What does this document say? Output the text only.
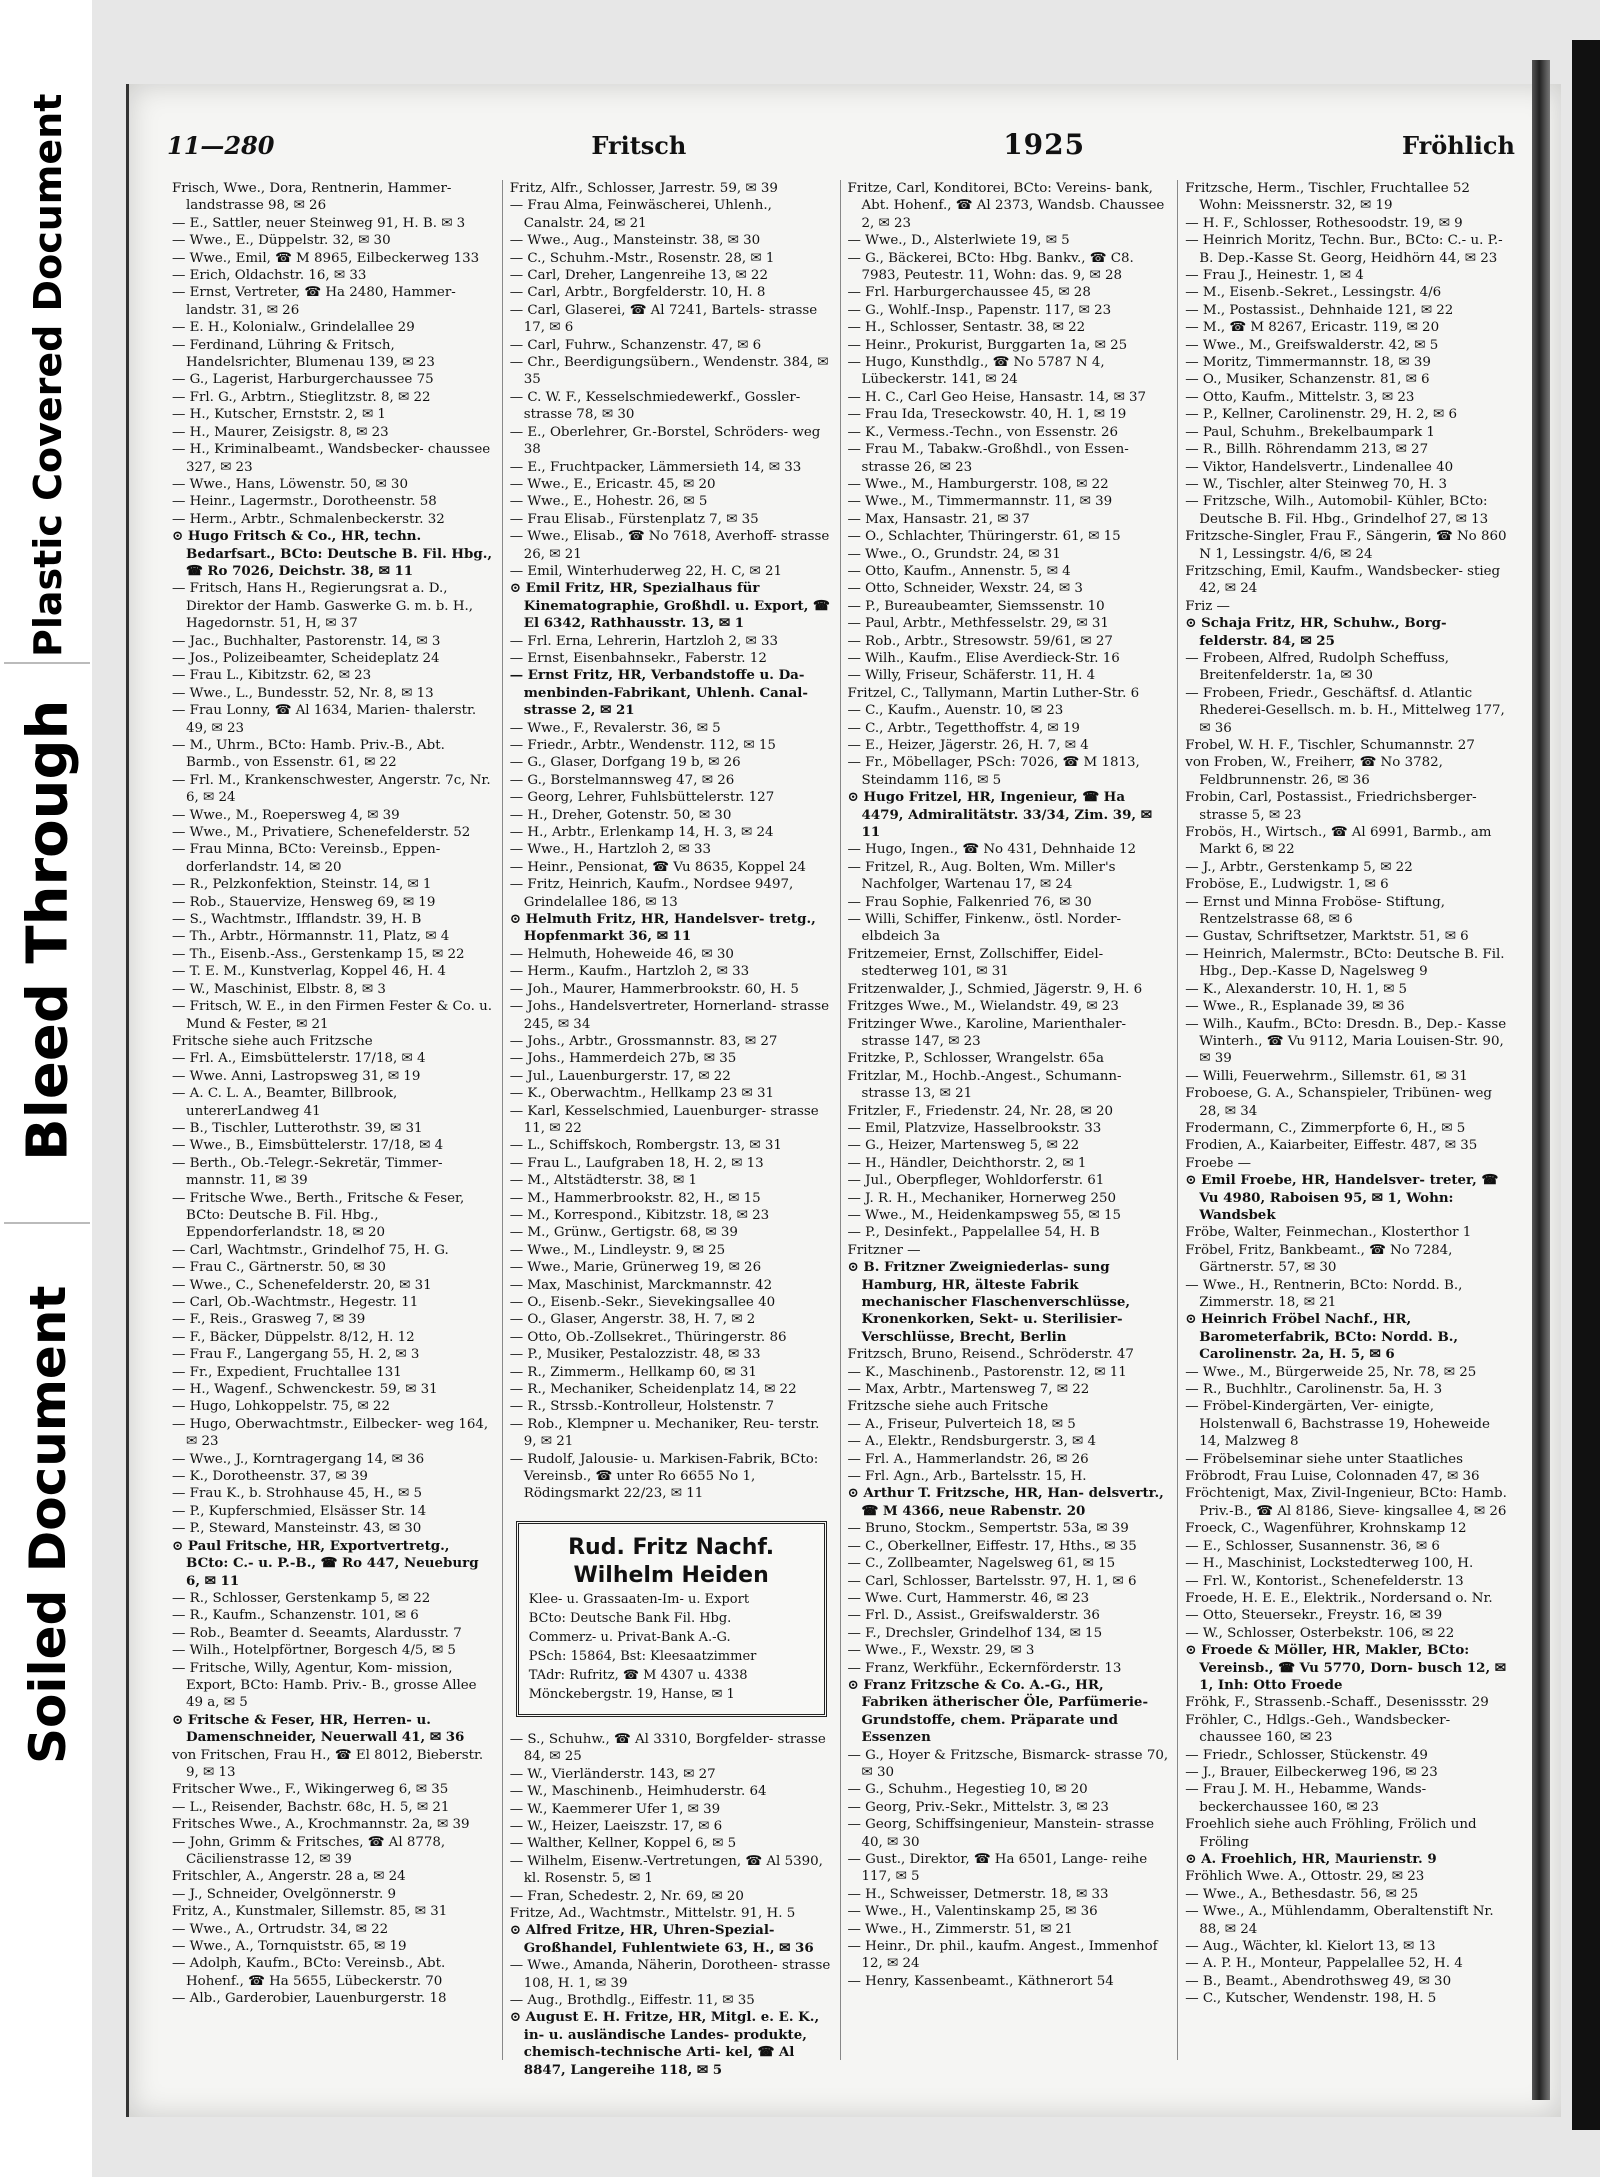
Plastic Covered Document
Bleed Through
Soiled Document
11—280	Fritsch	1925	Fröhlich

Frisch, Wwe., Dora, Rentnerin, Hammer- landstrasse 98, ✉ 26

— E., Sattler, neuer Steinweg 91, H. B. ✉ 3

— Wwe., E., Düppelstr. 32, ✉ 30

— Wwe., Emil, ☎ M 8965, Eilbeckerweg 133

— Erich, Oldachstr. 16, ✉ 33

— Ernst, Vertreter, ☎ Ha 2480, Hammer- landstr. 31, ✉ 26

— E. H., Kolonialw., Grindelallee 29

— Ferdinand, Lühring & Fritsch, Handelsrichter, Blumenau 139, ✉ 23

— G., Lagerist, Harburgerchaussee 75

— Frl. G., Arbtrn., Stieglitzstr. 8, ✉ 22

— H., Kutscher, Ernststr. 2, ✉ 1

— H., Maurer, Zeisigstr. 8, ✉ 23

— H., Kriminalbeamt., Wandsbecker- chaussee 327, ✉ 23

— Wwe., Hans, Löwenstr. 50, ✉ 30

— Heinr., Lagermstr., Dorotheenstr. 58

— Herm., Arbtr., Schmalenbeckerstr. 32

⊙ Hugo Fritsch & Co., HR, techn. Bedarfsart., BCto: Deutsche B. Fil. Hbg., ☎ Ro 7026, Deichstr. 38, ✉ 11

— Fritsch, Hans H., Regierungsrat a. D., Direktor der Hamb. Gaswerke G. m. b. H., Hagedornstr. 51, H, ✉ 37

— Jac., Buchhalter, Pastorenstr. 14, ✉ 3

— Jos., Polizeibeamter, Scheideplatz 24

— Frau L., Kibitzstr. 62, ✉ 23

— Wwe., L., Bundesstr. 52, Nr. 8, ✉ 13

— Frau Lonny, ☎ Al 1634, Marien- thalerstr. 49, ✉ 23

— M., Uhrm., BCto: Hamb. Priv.-B., Abt. Barmb., von Essenstr. 61, ✉ 22

— Frl. M., Krankenschwester, Angerstr. 7c, Nr. 6, ✉ 24

— Wwe., M., Roepersweg 4, ✉ 39

— Wwe., M., Privatiere, Schenefelderstr. 52

— Frau Minna, BCto: Vereinsb., Eppen- dorferlandstr. 14, ✉ 20

— R., Pelzkonfektion, Steinstr. 14, ✉ 1

— Rob., Stauervize, Hensweg 69, ✉ 19

— S., Wachtmstr., Ifflandstr. 39, H. B

— Th., Arbtr., Hörmannstr. 11, Platz, ✉ 4

— Th., Eisenb.-Ass., Gerstenkamp 15, ✉ 22

— T. E. M., Kunstverlag, Koppel 46, H. 4

— W., Maschinist, Elbstr. 8, ✉ 3

— Fritsch, W. E., in den Firmen Fester & Co. u. Mund & Fester, ✉ 21

Fritsche siehe auch Fritzsche

— Frl. A., Eimsbüttelerstr. 17/18, ✉ 4

— Wwe. Anni, Lastropsweg 31, ✉ 19

— A. C. L. A., Beamter, Billbrook, untererLandweg 41

— B., Tischler, Lutterothstr. 39, ✉ 31

— Wwe., B., Eimsbüttelerstr. 17/18, ✉ 4

— Berth., Ob.-Telegr.-Sekretär, Timmer- mannstr. 11, ✉ 39

— Fritsche Wwe., Berth., Fritsche & Feser, BCto: Deutsche B. Fil. Hbg., Eppendorferlandstr. 18, ✉ 20

— Carl, Wachtmstr., Grindelhof 75, H. G.

— Frau C., Gärtnerstr. 50, ✉ 30

— Wwe., C., Schenefelderstr. 20, ✉ 31

— Carl, Ob.-Wachtmstr., Hegestr. 11

— F., Reis., Grasweg 7, ✉ 39

— F., Bäcker, Düppelstr. 8/12, H. 12

— Frau F., Langergang 55, H. 2, ✉ 3

— Fr., Expedient, Fruchtallee 131

— H., Wagenf., Schwenckestr. 59, ✉ 31

— Hugo, Lohkoppelstr. 75, ✉ 22

— Hugo, Oberwachtmstr., Eilbecker- weg 164, ✉ 23

— Wwe., J., Korntragergang 14, ✉ 36

— K., Dorotheenstr. 37, ✉ 39

— Frau K., b. Strohhause 45, H., ✉ 5

— P., Kupferschmied, Elsässer Str. 14

— P., Steward, Mansteinstr. 43, ✉ 30

⊙ Paul Fritsche, HR, Exportvertretg., BCto: C.- u. P.-B., ☎ Ro 447, Neueburg 6, ✉ 11

— R., Schlosser, Gerstenkamp 5, ✉ 22

— R., Kaufm., Schanzenstr. 101, ✉ 6

— Rob., Beamter d. Seeamts, Alardusstr. 7

— Wilh., Hotelpförtner, Borgesch 4/5, ✉ 5

— Fritsche, Willy, Agentur, Kom- mission, Export, BCto: Hamb. Priv.- B., grosse Allee 49 a, ✉ 5

⊙ Fritsche & Feser, HR, Herren- u. Damenschneider, Neuerwall 41, ✉ 36

von Fritschen, Frau H., ☎ El 8012, Bieberstr. 9, ✉ 13

Fritscher Wwe., F., Wikingerweg 6, ✉ 35

— L., Reisender, Bachstr. 68c, H. 5, ✉ 21

Fritsches Wwe., A., Krochmannstr. 2a, ✉ 39

— John, Grimm & Fritsches, ☎ Al 8778, Cäcilienstrasse 12, ✉ 39

Fritschler, A., Angerstr. 28 a, ✉ 24

— J., Schneider, Ovelgönnerstr. 9

Fritz, A., Kunstmaler, Sillemstr. 85, ✉ 31

— Wwe., A., Ortrudstr. 34, ✉ 22

— Wwe., A., Tornquiststr. 65, ✉ 19

— Adolph, Kaufm., BCto: Vereinsb., Abt. Hohenf., ☎ Ha 5655, Lübeckerstr. 70

— Alb., Garderobier, Lauenburgerstr. 18

Fritz, Alfr., Schlosser, Jarrestr. 59, ✉ 39

— Frau Alma, Feinwäscherei, Uhlenh., Canalstr. 24, ✉ 21

— Wwe., Aug., Mansteinstr. 38, ✉ 30

— C., Schuhm.-Mstr., Rosenstr. 28, ✉ 1

— Carl, Dreher, Langenreihe 13, ✉ 22

— Carl, Arbtr., Borgfelderstr. 10, H. 8

— Carl, Glaserei, ☎ Al 7241, Bartels- strasse 17, ✉ 6

— Carl, Fuhrw., Schanzenstr. 47, ✉ 6

— Chr., Beerdigungsübern., Wendenstr. 384, ✉ 35

— C. W. F., Kesselschmiedewerkf., Gossler- strasse 78, ✉ 30

— E., Oberlehrer, Gr.-Borstel, Schröders- weg 38

— E., Fruchtpacker, Lämmersieth 14, ✉ 33

— Wwe., E., Ericastr. 45, ✉ 20

— Wwe., E., Hohestr. 26, ✉ 5

— Frau Elisab., Fürstenplatz 7, ✉ 35

— Wwe., Elisab., ☎ No 7618, Averhoff- strasse 26, ✉ 21

— Emil, Winterhuderweg 22, H. C, ✉ 21

⊙ Emil Fritz, HR, Spezialhaus für Kinematographie, Großhdl. u. Export, ☎ El 6342, Rathhausstr. 13, ✉ 1

— Frl. Erna, Lehrerin, Hartzloh 2, ✉ 33

— Ernst, Eisenbahnsekr., Faberstr. 12

— Ernst Fritz, HR, Verbandstoffe u. Da- menbinden-Fabrikant, Uhlenh. Canal- strasse 2, ✉ 21

— Wwe., F., Revalerstr. 36, ✉ 5

— Friedr., Arbtr., Wendenstr. 112, ✉ 15

— G., Glaser, Dorfgang 19 b, ✉ 26

— G., Borstelmannsweg 47, ✉ 26

— Georg, Lehrer, Fuhlsbüttelerstr. 127

— H., Dreher, Gotenstr. 50, ✉ 30

— H., Arbtr., Erlenkamp 14, H. 3, ✉ 24

— Wwe., H., Hartzloh 2, ✉ 33

— Heinr., Pensionat, ☎ Vu 8635, Koppel 24

— Fritz, Heinrich, Kaufm., Nordsee 9497, Grindelallee 186, ✉ 13

⊙ Helmuth Fritz, HR, Handelsver- tretg., Hopfenmarkt 36, ✉ 11

— Helmuth, Hoheweide 46, ✉ 30

— Herm., Kaufm., Hartzloh 2, ✉ 33

— Joh., Maurer, Hammerbrookstr. 60, H. 5

— Johs., Handelsvertreter, Hornerland- strasse 245, ✉ 34

— Johs., Arbtr., Grossmannstr. 83, ✉ 27

— Johs., Hammerdeich 27b, ✉ 35

— Jul., Lauenburgerstr. 17, ✉ 22

— K., Oberwachtm., Hellkamp 23 ✉ 31

— Karl, Kesselschmied, Lauenburger- strasse 11, ✉ 22

— L., Schiffskoch, Rombergstr. 13, ✉ 31

— Frau L., Laufgraben 18, H. 2, ✉ 13

— M., Altstädterstr. 38, ✉ 1

— M., Hammerbrookstr. 82, H., ✉ 15

— M., Korrespond., Kibitzstr. 18, ✉ 23

— M., Grünw., Gertigstr. 68, ✉ 39

— Wwe., M., Lindleystr. 9, ✉ 25

— Wwe., Marie, Grünerweg 19, ✉ 26

— Max, Maschinist, Marckmannstr. 42

— O., Eisenb.-Sekr., Sievekingsallee 40

— O., Glaser, Angerstr. 38, H. 7, ✉ 2

— Otto, Ob.-Zollsekret., Thüringerstr. 86

— P., Musiker, Pestalozzistr. 48, ✉ 33

— R., Zimmerm., Hellkamp 60, ✉ 31

— R., Mechaniker, Scheidenplatz 14, ✉ 22

— R., Strssb.-Kontrolleur, Holstenstr. 7

— Rob., Klempner u. Mechaniker, Reu- terstr. 9, ✉ 21

— Rudolf, Jalousie- u. Markisen-Fabrik, BCto: Vereinsb., ☎ unter Ro 6655 No 1, Rödingsmarkt 22/23, ✉ 11

Rud. Fritz Nachf.
Wilhelm Heiden
Klee- u. Grassaaten-Im- u. Export
BCto: Deutsche Bank Fil. Hbg.
Commerz- u. Privat-Bank A.-G.
PSch: 15864, Bst: Kleesaatzimmer
TAdr: Rufritz, ☎ M 4307 u. 4338
Mönckebergstr. 19, Hanse, ✉ 1

— S., Schuhw., ☎ Al 3310, Borgfelder- strasse 84, ✉ 25

— W., Vierländerstr. 143, ✉ 27

— W., Maschinenb., Heimhuderstr. 64

— W., Kaemmerer Ufer 1, ✉ 39

— W., Heizer, Laeiszstr. 17, ✉ 6

— Walther, Kellner, Koppel 6, ✉ 5

— Wilhelm, Eisenw.-Vertretungen, ☎ Al 5390, kl. Rosenstr. 5, ✉ 1

— Fran, Schedestr. 2, Nr. 69, ✉ 20

Fritze, Ad., Wachtmstr., Mittelstr. 91, H. 5

⊙ Alfred Fritze, HR, Uhren-Spezial- Großhandel, Fuhlentwiete 63, H., ✉ 36

— Wwe., Amanda, Näherin, Dorotheen- strasse 108, H. 1, ✉ 39

— Aug., Brothdlg., Eiffestr. 11, ✉ 35

⊙ August E. H. Fritze, HR, Mitgl. e. E. K., in- u. ausländische Landes- produkte, chemisch-technische Arti- kel, ☎ Al 8847, Langereihe 118, ✉ 5

Fritze, Carl, Konditorei, BCto: Vereins- bank, Abt. Hohenf., ☎ Al 2373, Wandsb. Chaussee 2, ✉ 23

— Wwe., D., Alsterlwiete 19, ✉ 5

— G., Bäckerei, BCto: Hbg. Bankv., ☎ C8. 7983, Peutestr. 11, Wohn: das. 9, ✉ 28

— Frl. Harburgerchaussee 45, ✉ 28

— G., Wohlf.-Insp., Papenstr. 117, ✉ 23

— H., Schlosser, Sentastr. 38, ✉ 22

— Heinr., Prokurist, Burggarten 1a, ✉ 25

— Hugo, Kunsthdlg., ☎ No 5787 N 4, Lübeckerstr. 141, ✉ 24

— H. C., Carl Geo Heise, Hansastr. 14, ✉ 37

— Frau Ida, Treseckowstr. 40, H. 1, ✉ 19

— K., Vermess.-Techn., von Essenstr. 26

— Frau M., Tabakw.-Großhdl., von Essen- strasse 26, ✉ 23

— Wwe., M., Hamburgerstr. 108, ✉ 22

— Wwe., M., Timmermannstr. 11, ✉ 39

— Max, Hansastr. 21, ✉ 37

— O., Schlachter, Thüringerstr. 61, ✉ 15

— Wwe., O., Grundstr. 24, ✉ 31

— Otto, Kaufm., Annenstr. 5, ✉ 4

— Otto, Schneider, Wexstr. 24, ✉ 3

— P., Bureaubeamter, Siemssenstr. 10

— Paul, Arbtr., Methfesselstr. 29, ✉ 31

— Rob., Arbtr., Stresowstr. 59/61, ✉ 27

— Wilh., Kaufm., Elise Averdieck-Str. 16

— Willy, Friseur, Schäferstr. 11, H. 4

Fritzel, C., Tallymann, Martin Luther-Str. 6

— C., Kaufm., Auenstr. 10, ✉ 23

— C., Arbtr., Tegetthoffstr. 4, ✉ 19

— E., Heizer, Jägerstr. 26, H. 7, ✉ 4

— Fr., Möbellager, PSch: 7026, ☎ M 1813, Steindamm 116, ✉ 5

⊙ Hugo Fritzel, HR, Ingenieur, ☎ Ha 4479, Admiralitätstr. 33/34, Zim. 39, ✉ 11

— Hugo, Ingen., ☎ No 431, Dehnhaide 12

— Fritzel, R., Aug. Bolten, Wm. Miller's Nachfolger, Wartenau 17, ✉ 24

— Frau Sophie, Falkenried 76, ✉ 30

— Willi, Schiffer, Finkenw., östl. Norder- elbdeich 3a

Fritzemeier, Ernst, Zollschiffer, Eidel- stedterweg 101, ✉ 31

Fritzenwalder, J., Schmied, Jägerstr. 9, H. 6

Fritzges Wwe., M., Wielandstr. 49, ✉ 23

Fritzinger Wwe., Karoline, Marienthaler- strasse 147, ✉ 23

Fritzke, P., Schlosser, Wrangelstr. 65a

Fritzlar, M., Hochb.-Angest., Schumann- strasse 13, ✉ 21

Fritzler, F., Friedenstr. 24, Nr. 28, ✉ 20

— Emil, Platzvize, Hasselbrookstr. 33

— G., Heizer, Martensweg 5, ✉ 22

— H., Händler, Deichthorstr. 2, ✉ 1

— Jul., Oberpfleger, Wohldorferstr. 61

— J. R. H., Mechaniker, Hornerweg 250

— Wwe., M., Heidenkampsweg 55, ✉ 15

— P., Desinfekt., Pappelallee 54, H. B

Fritzner —

⊙ B. Fritzner Zweigniederlas- sung Hamburg, HR, älteste Fabrik mechanischer Flaschenverschlüsse, Kronenkorken, Sekt- u. Sterilisier- Verschlüsse, Brecht, Berlin

Fritzsch, Bruno, Reisend., Schröderstr. 47

— K., Maschinenb., Pastorenstr. 12, ✉ 11

— Max, Arbtr., Martensweg 7, ✉ 22

Fritzsche siehe auch Fritsche

— A., Friseur, Pulverteich 18, ✉ 5

— A., Elektr., Rendsburgerstr. 3, ✉ 4

— Frl. A., Hammerlandstr. 26, ✉ 26

— Frl. Agn., Arb., Bartelsstr. 15, H.

⊙ Arthur T. Fritzsche, HR, Han- delsvertr., ☎ M 4366, neue Rabenstr. 20

— Bruno, Stockm., Sempertstr. 53a, ✉ 39

— C., Oberkellner, Eiffestr. 17, Hths., ✉ 35

— C., Zollbeamter, Nagelsweg 61, ✉ 15

— Carl, Schlosser, Bartelsstr. 97, H. 1, ✉ 6

— Wwe. Curt, Hammerstr. 46, ✉ 23

— Frl. D., Assist., Greifswalderstr. 36

— F., Drechsler, Grindelhof 134, ✉ 15

— Wwe., F., Wexstr. 29, ✉ 3

— Franz, Werkführ., Eckernförderstr. 13

⊙ Franz Fritzsche & Co. A.-G., HR, Fabriken ätherischer Öle, Parfümerie-Grundstoffe, chem. Präparate und Essenzen

— G., Hoyer & Fritzsche, Bismarck- strasse 70, ✉ 30

— G., Schuhm., Hegestieg 10, ✉ 20

— Georg, Priv.-Sekr., Mittelstr. 3, ✉ 23

— Georg, Schiffsingenieur, Manstein- strasse 40, ✉ 30

— Gust., Direktor, ☎ Ha 6501, Lange- reihe 117, ✉ 5

— H., Schweisser, Detmerstr. 18, ✉ 33

— Wwe., H., Valentinskamp 25, ✉ 36

— Wwe., H., Zimmerstr. 51, ✉ 21

— Heinr., Dr. phil., kaufm. Angest., Immenhof 12, ✉ 24

— Henry, Kassenbeamt., Käthnerort 54

Fritzsche, Herm., Tischler, Fruchtallee 52 Wohn: Meissnerstr. 32, ✉ 19

— H. F., Schlosser, Rothesoodstr. 19, ✉ 9

— Heinrich Moritz, Techn. Bur., BCto: C.- u. P.-B. Dep.-Kasse St. Georg, Heidhörn 44, ✉ 23

— Frau J., Heinestr. 1, ✉ 4

— M., Eisenb.-Sekret., Lessingstr. 4/6

— M., Postassist., Dehnhaide 121, ✉ 22

— M., ☎ M 8267, Ericastr. 119, ✉ 20

— Wwe., M., Greifswalderstr. 42, ✉ 5

— Moritz, Timmermannstr. 18, ✉ 39

— O., Musiker, Schanzenstr. 81, ✉ 6

— Otto, Kaufm., Mittelstr. 3, ✉ 23

— P., Kellner, Carolinenstr. 29, H. 2, ✉ 6

— Paul, Schuhm., Brekelbaumpark 1

— R., Billh. Röhrendamm 213, ✉ 27

— Viktor, Handelsvertr., Lindenallee 40

— W., Tischler, alter Steinweg 70, H. 3

— Fritzsche, Wilh., Automobil- Kühler, BCto: Deutsche B. Fil. Hbg., Grindelhof 27, ✉ 13

Fritzsche-Singler, Frau F., Sängerin, ☎ No 860 N 1, Lessingstr. 4/6, ✉ 24

Fritzsching, Emil, Kaufm., Wandsbecker- stieg 42, ✉ 24

Friz —

⊙ Schaja Fritz, HR, Schuhw., Borg- felderstr. 84, ✉ 25

— Frobeen, Alfred, Rudolph Scheffuss, Breitenfelderstr. 1a, ✉ 30

— Frobeen, Friedr., Geschäftsf. d. Atlantic Rhederei-Gesellsch. m. b. H., Mittelweg 177, ✉ 36

Frobel, W. H. F., Tischler, Schumannstr. 27

von Froben, W., Freiherr, ☎ No 3782, Feldbrunnenstr. 26, ✉ 36

Frobin, Carl, Postassist., Friedrichsberger- strasse 5, ✉ 23

Frobös, H., Wirtsch., ☎ Al 6991, Barmb., am Markt 6, ✉ 22

— J., Arbtr., Gerstenkamp 5, ✉ 22

Froböse, E., Ludwigstr. 1, ✉ 6

— Ernst und Minna Froböse- Stiftung, Rentzelstrasse 68, ✉ 6

— Gustav, Schriftsetzer, Marktstr. 51, ✉ 6

— Heinrich, Malermstr., BCto: Deutsche B. Fil. Hbg., Dep.-Kasse D, Nagelsweg 9

— K., Alexanderstr. 10, H. 1, ✉ 5

— Wwe., R., Esplanade 39, ✉ 36

— Wilh., Kaufm., BCto: Dresdn. B., Dep.- Kasse Winterh., ☎ Vu 9112, Maria Louisen-Str. 90, ✉ 39

— Willi, Feuerwehrm., Sillemstr. 61, ✉ 31

Froboese, G. A., Schanspieler, Tribünen- weg 28, ✉ 34

Frodermann, C., Zimmerpforte 6, H., ✉ 5

Frodien, A., Kaiarbeiter, Eiffestr. 487, ✉ 35

Froebe —

⊙ Emil Froebe, HR, Handelsver- treter, ☎ Vu 4980, Raboisen 95, ✉ 1, Wohn: Wandsbek

Fröbe, Walter, Feinmechan., Klosterthor 1

Fröbel, Fritz, Bankbeamt., ☎ No 7284, Gärtnerstr. 57, ✉ 30

— Wwe., H., Rentnerin, BCto: Nordd. B., Zimmerstr. 18, ✉ 21

⊙ Heinrich Fröbel Nachf., HR, Barometerfabrik, BCto: Nordd. B., Carolinenstr. 2a, H. 5, ✉ 6

— Wwe., M., Bürgerweide 25, Nr. 78, ✉ 25

— R., Buchhltr., Carolinenstr. 5a, H. 3

— Fröbel-Kindergärten, Ver- einigte, Holstenwall 6, Bachstrasse 19, Hoheweide 14, Malzweg 8

— Fröbelseminar siehe unter Staatliches

Fröbrodt, Frau Luise, Colonnaden 47, ✉ 36

Fröchtenigt, Max, Zivil-Ingenieur, BCto: Hamb. Priv.-B., ☎ Al 8186, Sieve- kingsallee 4, ✉ 26

Froeck, C., Wagenführer, Krohnskamp 12

— E., Schlosser, Susannenstr. 36, ✉ 6

— H., Maschinist, Lockstedterweg 100, H.

— Frl. W., Kontorist., Schenefelderstr. 13

Froede, H. E. E., Elektrik., Nordersand o. Nr.

— Otto, Steuersekr., Freystr. 16, ✉ 39

— W., Schlosser, Osterbekstr. 106, ✉ 22

⊙ Froede & Möller, HR, Makler, BCto: Vereinsb., ☎ Vu 5770, Dorn- busch 12, ✉ 1, Inh: Otto Froede

Fröhk, F., Strassenb.-Schaff., Desenissstr. 29

Fröhler, C., Hdlgs.-Geh., Wandsbecker- chaussee 160, ✉ 23

— Friedr., Schlosser, Stückenstr. 49

— J., Brauer, Eilbeckerweg 196, ✉ 23

— Frau J. M. H., Hebamme, Wands- beckerchaussee 160, ✉ 23

Froehlich siehe auch Fröhling, Frölich und Fröling

⊙ A. Froehlich, HR, Maurienstr. 9

Fröhlich Wwe. A., Ottostr. 29, ✉ 23

— Wwe., A., Bethesdastr. 56, ✉ 25

— Wwe., A., Mühlendamm, Oberaltenstift Nr. 88, ✉ 24

— Aug., Wächter, kl. Kielort 13, ✉ 13

— A. P. H., Monteur, Pappelallee 52, H. 4

— B., Beamt., Abendrothsweg 49, ✉ 30

— C., Kutscher, Wendenstr. 198, H. 5
